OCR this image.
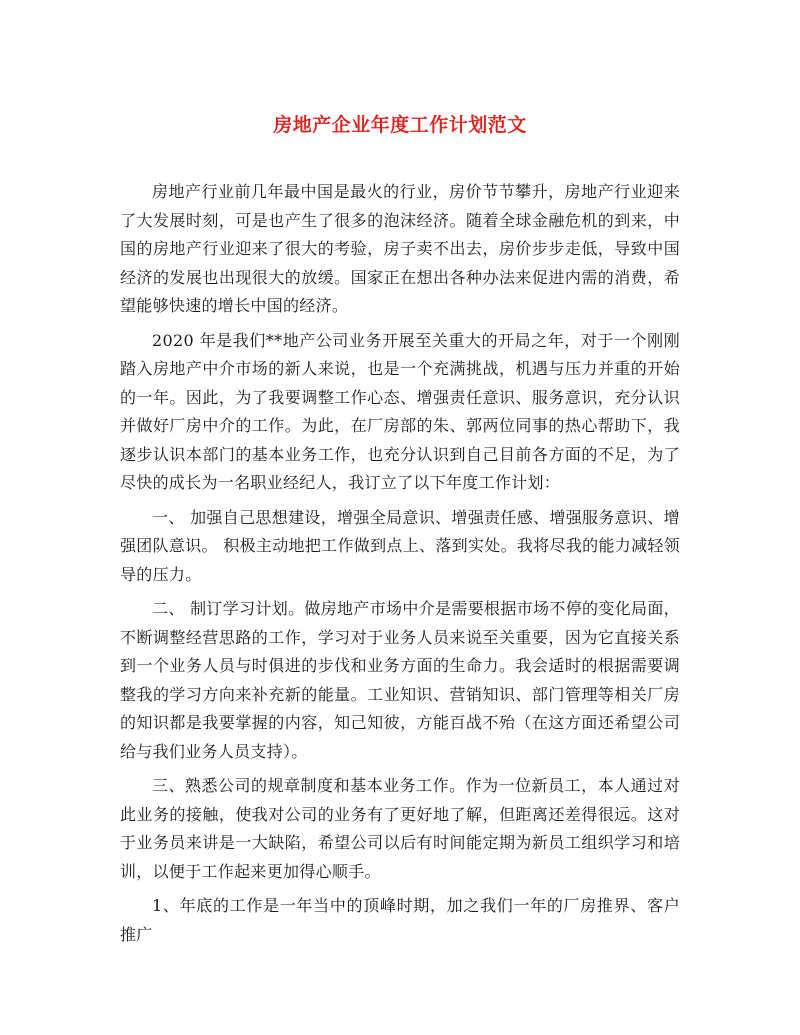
房地产企业年度工作计划范文

房地产行业前几年最中国是最火的行业，房价节节攀升，房地产行业迎来了大发展时刻，可是也产生了很多的泡沫经济。随着全球金融危机的到来，中国的房地产行业迎来了很大的考验，房子卖不出去，房价步步走低，导致中国经济的发展也出现很大的放缓。国家正在想出各种办法来促进内需的消费，希望能够快速的增长中国的经济。

2020 年是我们**地产公司业务开展至关重大的开局之年，对于一个刚刚踏入房地产中介市场的新人来说，也是一个充满挑战，机遇与压力并重的开始的一年。因此，为了我要调整工作心态、增强责任意识、服务意识，充分认识并做好厂房中介的工作。为此，在厂房部的朱、郭两位同事的热心帮助下，我逐步认识本部门的基本业务工作，也充分认识到自己目前各方面的不足，为了尽快的成长为一名职业经纪人，我订立了以下年度工作计划：

一、 加强自己思想建设，增强全局意识、增强责任感、增强服务意识、增强团队意识。 积极主动地把工作做到点上、落到实处。我将尽我的能力减轻领导的压力。

二、 制订学习计划。做房地产市场中介是需要根据市场不停的变化局面，不断调整经营思路的工作，学习对于业务人员来说至关重要，因为它直接关系到一个业务人员与时俱进的步伐和业务方面的生命力。我会适时的根据需要调整我的学习方向来补充新的能量。工业知识、营销知识、部门管理等相关厂房的知识都是我要掌握的内容，知己知彼，方能百战不殆（在这方面还希望公司给与我们业务人员支持）。

三、熟悉公司的规章制度和基本业务工作。作为一位新员工，本人通过对此业务的接触，使我对公司的业务有了更好地了解，但距离还差得很远。这对于业务员来讲是一大缺陷，希望公司以后有时间能定期为新员工组织学习和培训，以便于工作起来更加得心顺手。

1、年底的工作是一年当中的顶峰时期，加之我们一年的厂房推界、客户推广
